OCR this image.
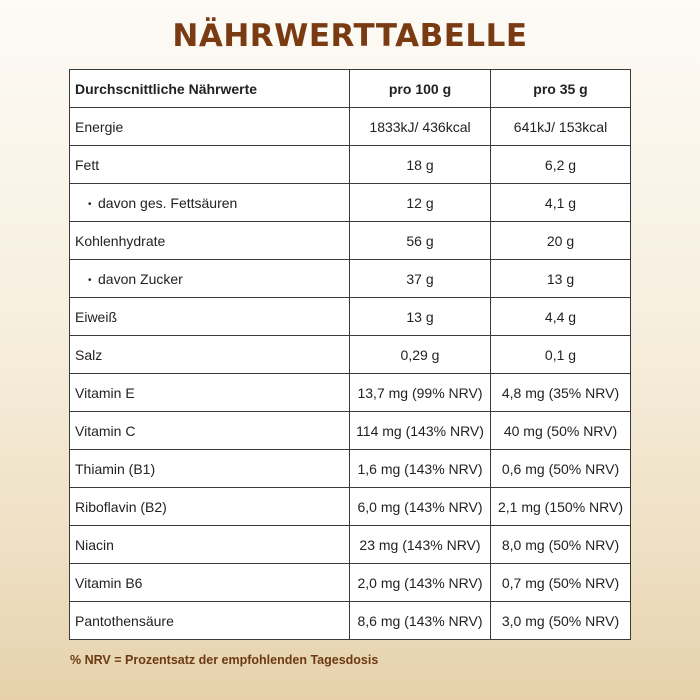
NÄHRWERTTABELLE
Durchscnittliche Nährwerte	pro 100 g	pro 35 g
Energie	1833kJ/ 436kcal	641kJ/ 153kcal
Fett	18 g	6,2 g
• davon ges. Fettsäuren	12 g	4,1 g
Kohlenhydrate	56 g	20 g
• davon Zucker	37 g	13 g
Eiweiß	13 g	4,4 g
Salz	0,29 g	0,1 g
Vitamin E	13,7 mg (99% NRV)	4,8 mg (35% NRV)
Vitamin C	114 mg (143% NRV)	40 mg (50% NRV)
Thiamin (B1)	1,6 mg (143% NRV)	0,6 mg (50% NRV)
Riboflavin (B2)	6,0 mg (143% NRV)	2,1 mg (150% NRV)
Niacin	23 mg (143% NRV)	8,0 mg (50% NRV)
Vitamin B6	2,0 mg (143% NRV)	0,7 mg (50% NRV)
Pantothensäure	8,6 mg (143% NRV)	3,0 mg (50% NRV)
% NRV = Prozentsatz der empfohlenden Tagesdosis
